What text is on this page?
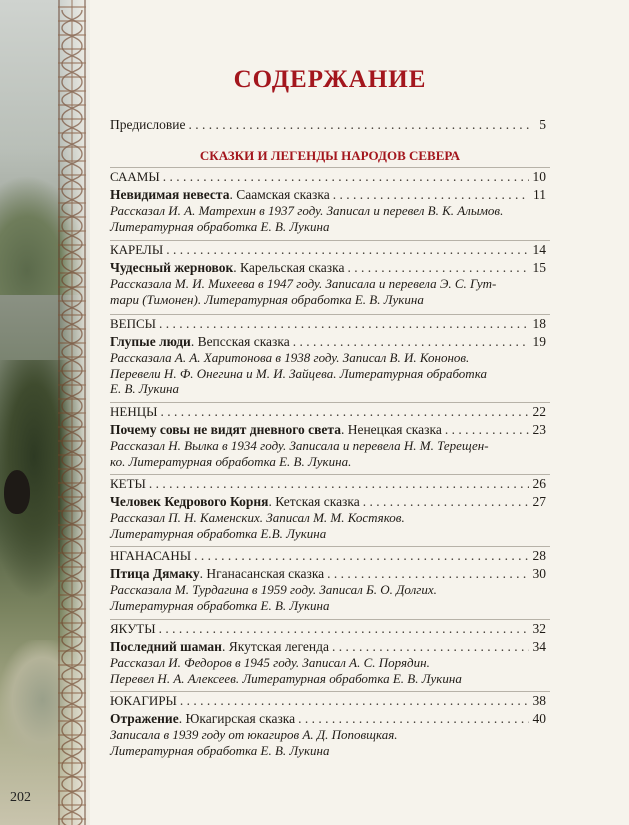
202
СОДЕРЖАНИЕ
Предисловие . . .	5
СКАЗКИ И ЛЕГЕНДЫ НАРОДОВ СЕВЕРА
СААМЫ . . .	10
Невидимая невеста. Саамская сказка . . .	11
Рассказал И. А. Матрехин в 1937 году. Записал и перевел В. К. Алымов.
Литературная обработка Е. В. Лукина
КАРЕЛЫ . . .	14
Чудесный жерновок. Карельская сказка . . .	15
Рассказала М. И. Михеева в 1947 году. Записала и перевела Э. С. Гут-
тари (Тимонен). Литературная обработка Е. В. Лукина
ВЕПСЫ . . .	18
Глупые люди. Вепсская сказка . . .	19
Рассказала А. А. Харитонова в 1938 году. Записал В. И. Кононов.
Перевели Н. Ф. Онегина и М. И. Зайцева. Литературная обработка
Е. В. Лукина
НЕНЦЫ . . .	22
Почему совы не видят дневного света. Ненецкая сказка . . .	23
Рассказал Н. Вылка в 1934 году. Записала и перевела Н. М. Терещен-
ко. Литературная обработка Е. В. Лукина.
КЕТЫ . . .	26
Человек Кедрового Корня. Кетская сказка . . .	27
Рассказал П. Н. Каменских. Записал М. М. Костяков.
Литературная обработка Е.В. Лукина
НГАНАСАНЫ . . .	28
Птица Дямаку. Нганасанская сказка . . .	30
Рассказала М. Турдагина в 1959 году. Записал Б. О. Долгих.
Литературная обработка Е. В. Лукина
ЯКУТЫ . . .	32
Последний шаман. Якутская легенда . . .	34
Рассказал И. Федоров в 1945 году. Записал А. С. Порядин.
Перевел Н. А. Алексеев. Литературная обработка Е. В. Лукина
ЮКАГИРЫ . . .	38
Отражение. Юкагирская сказка . . .	40
Записала в 1939 году от юкагиров А. Д. Поповщкая.
Литературная обработка Е. В. Лукина
